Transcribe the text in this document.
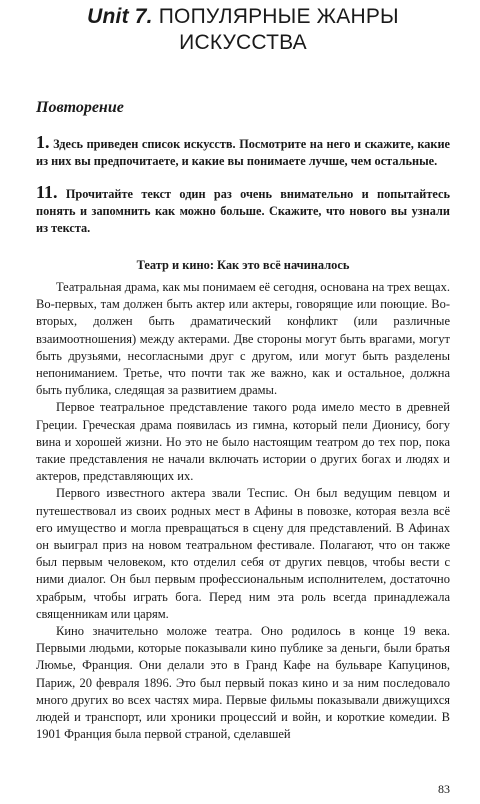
Unit 7. ПОПУЛЯРНЫЕ ЖАНРЫ
ИСКУССТВА
Повторение

1. Здесь приведен список искусств. Посмотрите на него и скажите, какие из них вы предпочитаете, и какие вы понимаете лучше, чем остальные.

11. Прочитайте текст один раз очень внимательно и попытайтесь понять и запомнить как можно больше. Скажите, что нового вы узнали из текста.

Театр и кино: Как это всё начиналось

Театральная драма, как мы понимаем её сегодня, основана на трех вещах. Во-первых, там должен быть актер или актеры, говорящие или поющие. Во-вторых, должен быть драматический конфликт (или различные взаимоотношения) между актерами. Две стороны могут быть врагами, могут быть друзьями, несогласными друг с другом, или могут быть разделены непониманием. Третье, что почти так же важно, как и остальное, должна быть публика, следящая за развитием драмы.

Первое театральное представление такого рода имело место в древней Греции. Греческая драма появилась из гимна, который пели Дионису, богу вина и хорошей жизни. Но это не было настоящим театром до тех пор, пока такие представления не начали включать истории о других богах и людях и актеров, представляющих их.

Первого известного актера звали Теспис. Он был ведущим певцом и путешествовал из своих родных мест в Афины в повозке, которая везла всё его имущество и могла превращаться в сцену для представлений. В Афинах он выиграл приз на новом театральном фестивале. Полагают, что он также был первым человеком, кто отделил себя от других певцов, чтобы вести с ними диалог. Он был первым профессиональным исполнителем, достаточно храбрым, чтобы играть бога. Перед ним эта роль всегда принадлежала священникам или царям.

Кино значительно моложе театра. Оно родилось в конце 19 века. Первыми людьми, которые показывали кино публике за деньги, были братья Люмье, Франция. Они делали это в Гранд Кафе на бульваре Капуцинов, Париж, 20 февраля 1896. Это был первый показ кино и за ним последовало много других во всех частях мира. Первые фильмы показывали движущихся людей и транспорт, или хроники процессий и войн, и короткие комедии. В 1901 Франция была первой страной, сделавшей

83
